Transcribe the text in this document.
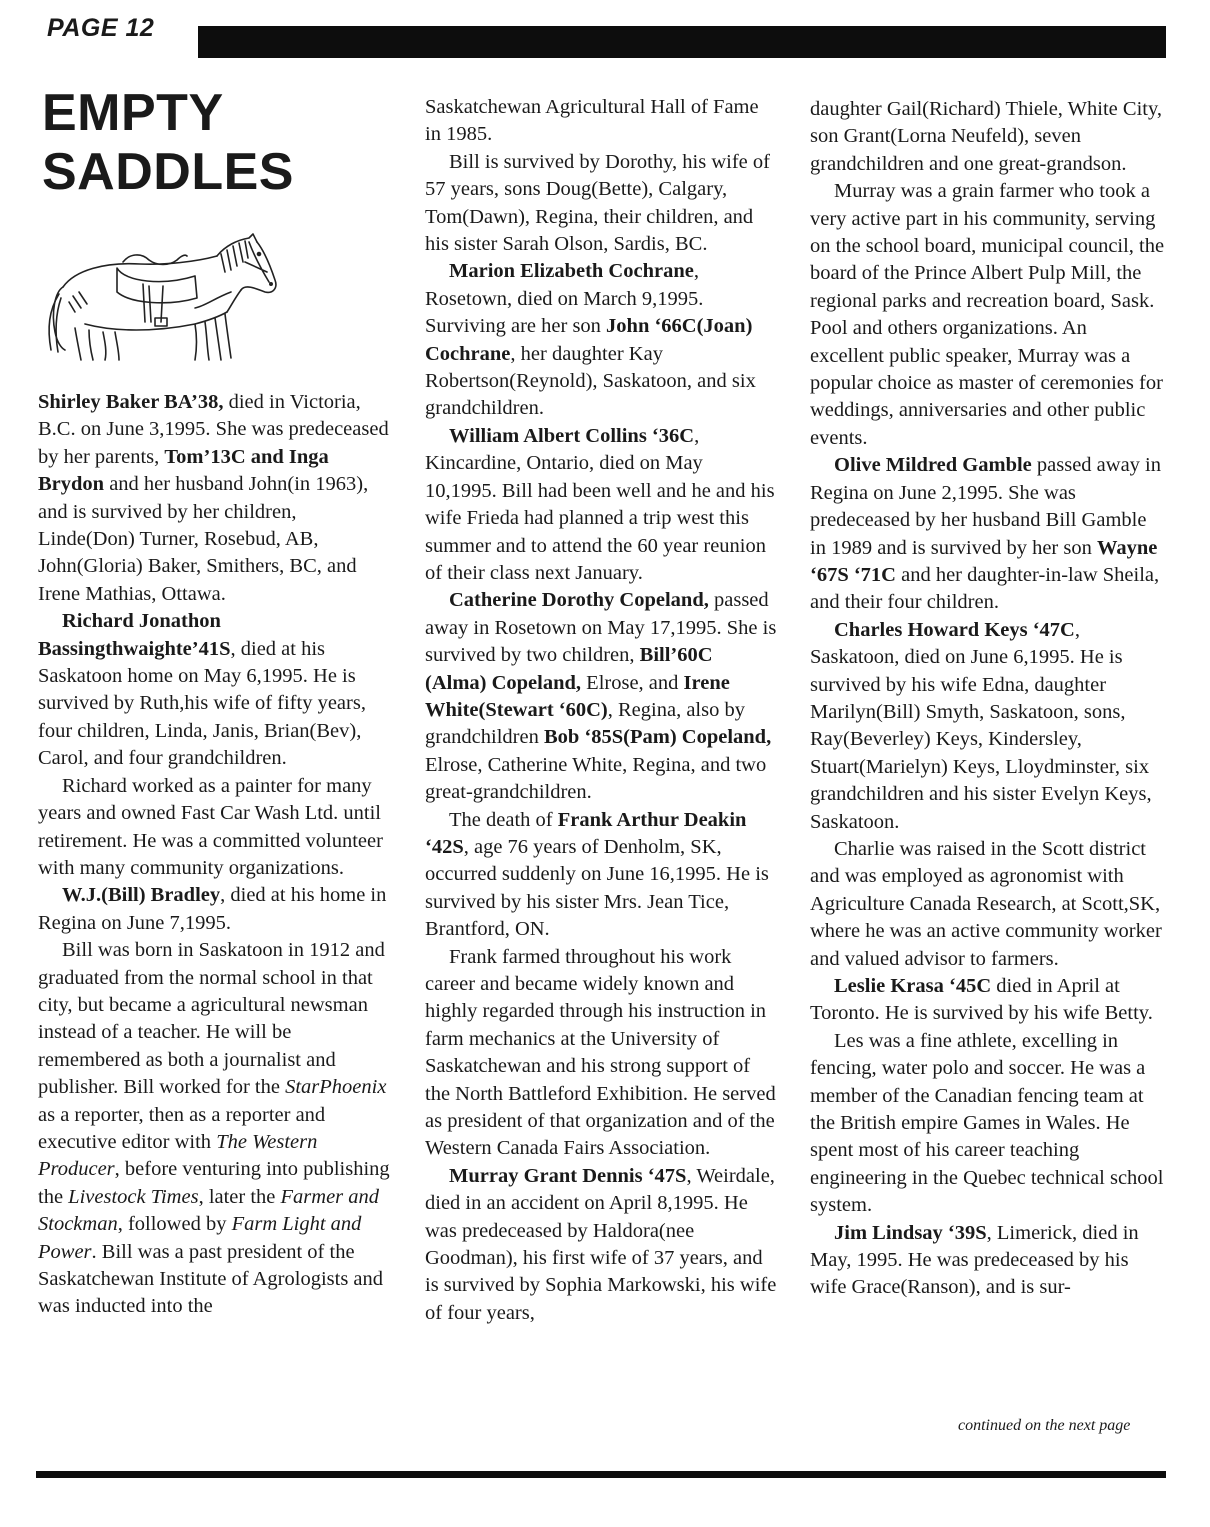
PAGE 12
EMPTY
SADDLES

Shirley Baker BA’38, died in Victoria, B.C. on June 3,1995. She was predeceased by her parents, Tom’13C and Inga Brydon and her husband John(in 1963), and is survived by her children, Linde(Don) Turner, Rosebud, AB, John(Gloria) Baker, Smithers, BC, and Irene Mathias, Ottawa.

Richard Jonathon Bassingthwaighte’41S, died at his Saskatoon home on May 6,1995. He is survived by Ruth,his wife of fifty years, four children, Linda, Janis, Brian(Bev), Carol, and four grandchildren.

Richard worked as a painter for many years and owned Fast Car Wash Ltd. until retirement. He was a committed volunteer with many community organizations.

W.J.(Bill) Bradley, died at his home in Regina on June 7,1995.

Bill was born in Saskatoon in 1912 and graduated from the normal school in that city, but became a agricultural newsman instead of a teacher. He will be remembered as both a journalist and publisher. Bill worked for the StarPhoenix as a reporter, then as a reporter and executive editor with The Western Producer, before venturing into publishing the Livestock Times, later the Farmer and Stockman, followed by Farm Light and Power. Bill was a past president of the Saskatchewan Institute of Agrologists and was inducted into the

Saskatchewan Agricultural Hall of Fame in 1985.

Bill is survived by Dorothy, his wife of 57 years, sons Doug(Bette), Calgary, Tom(Dawn), Regina, their children, and his sister Sarah Olson, Sardis, BC.

Marion Elizabeth Cochrane, Rosetown, died on March 9,1995. Surviving are her son John ‘66C(Joan) Cochrane, her daughter Kay Robertson(Reynold), Saskatoon, and six grandchildren.

William Albert Collins ‘36C, Kincardine, Ontario, died on May 10,1995. Bill had been well and he and his wife Frieda had planned a trip west this summer and to attend the 60 year reunion of their class next January.

Catherine Dorothy Copeland, passed away in Rosetown on May 17,1995. She is survived by two children, Bill’60C (Alma) Copeland, Elrose, and Irene White(Stewart ‘60C), Regina, also by grandchildren Bob ‘85S(Pam) Copeland, Elrose, Catherine White, Regina, and two great-grandchildren.

The death of Frank Arthur Deakin ‘42S, age 76 years of Denholm, SK, occurred suddenly on June 16,1995. He is survived by his sister Mrs. Jean Tice, Brantford, ON.

Frank farmed throughout his work career and became widely known and highly regarded through his instruction in farm mechanics at the University of Saskatchewan and his strong support of the North Battleford Exhibition. He served as president of that organization and of the Western Canada Fairs Association.

Murray Grant Dennis ‘47S, Weirdale, died in an accident on April 8,1995. He was predeceased by Haldora(nee Goodman), his first wife of 37 years, and is survived by Sophia Markowski, his wife of four years,

daughter Gail(Richard) Thiele, White City, son Grant(Lorna Neufeld), seven grandchildren and one great-grandson.

Murray was a grain farmer who took a very active part in his community, serving on the school board, municipal council, the board of the Prince Albert Pulp Mill, the regional parks and recreation board, Sask. Pool and others organizations. An excellent public speaker, Murray was a popular choice as master of ceremonies for weddings, anniversaries and other public events.

Olive Mildred Gamble passed away in Regina on June 2,1995. She was predeceased by her husband Bill Gamble in 1989 and is survived by her son Wayne ‘67S ‘71C and her daughter-in-law Sheila, and their four children.

Charles Howard Keys ‘47C, Saskatoon, died on June 6,1995. He is survived by his wife Edna, daughter Marilyn(Bill) Smyth, Saskatoon, sons, Ray(Beverley) Keys, Kindersley, Stuart(Marielyn) Keys, Lloydminster, six grandchildren and his sister Evelyn Keys, Saskatoon.

Charlie was raised in the Scott district and was employed as agronomist with Agriculture Canada Research, at Scott,SK, where he was an active community worker and valued advisor to farmers.

Leslie Krasa ‘45C died in April at Toronto. He is survived by his wife Betty.

Les was a fine athlete, excelling in fencing, water polo and soccer. He was a member of the Canadian fencing team at the British empire Games in Wales. He spent most of his career teaching engineering in the Quebec technical school system.

Jim Lindsay ‘39S, Limerick, died in May, 1995. He was predeceased by his wife Grace(Ranson), and is sur-

continued on the next page
